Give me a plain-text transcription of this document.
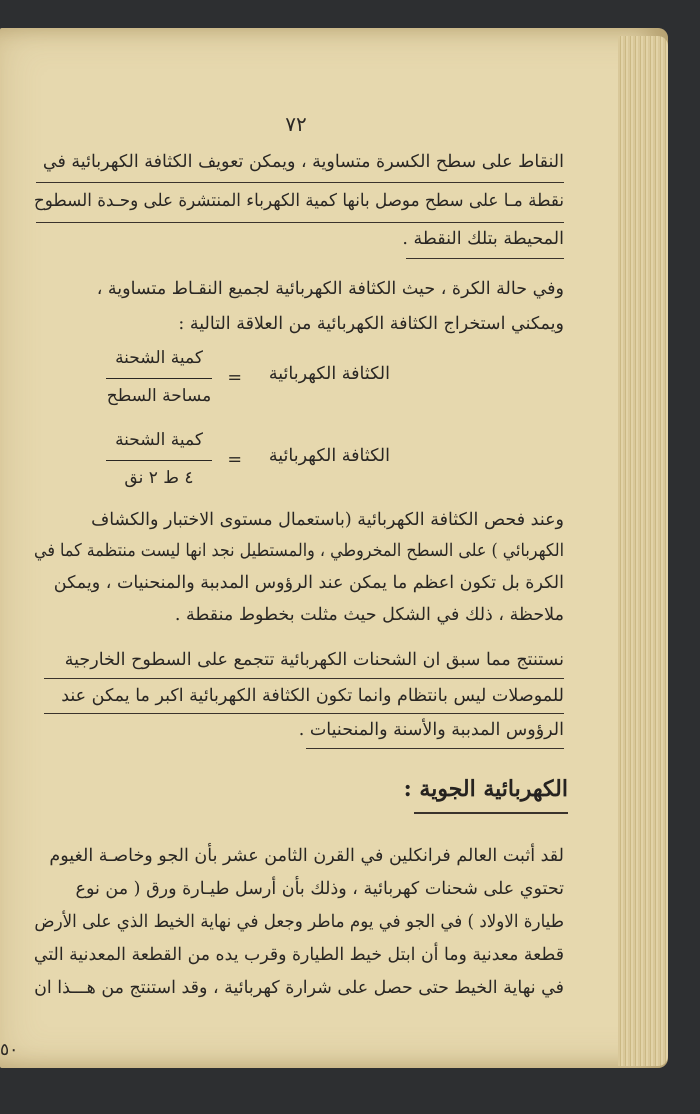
٧٢
النقاط على سطح الكسرة متساوية ، ويمكن تعويف الكثافة الكهربائية في
نقطة مـا على سطح موصل بانها كمية الكهرباء المنتشرة على وحـدة السطوح
المحيطة بتلك النقطة .
وفي حالة الكرة ، حيث الكثافة الكهربائية لجميع النقـاط متساوية ،
ويمكني استخراج الكثافة الكهربائية من العلاقة التالية :
الكثافة الكهربائية
=
كمية الشحنة
مساحة السطح
الكثافة الكهربائية
=
كمية الشحنة
٤ ط ٢ نق
وعند فحص الكثافة الكهربائية (باستعمال مستوى الاختبار والكشاف
الكهربائي ) على السطح المخروطي ، والمستطيل نجد انها ليست منتظمة كما في
الكرة بل تكون اعظم ما يمكن عند الرؤوس المدببة والمنحنيات ، ويمكن
ملاحظة ، ذلك في الشكل حيث مثلت بخطوط منقطة .
نستنتج مما سبق ان الشحنات الكهربائية تتجمع على السطوح الخارجية
للموصلات ليس بانتظام وانما تكون الكثافة الكهربائية اكبر ما يمكن عند
الرؤوس المدببة والأسنة والمنحنيات .
الكهربائية الجوية :
لقد أثبت العالم فرانكلين في القرن الثامن عشر بأن الجو وخاصـة الغيوم
تحتوي على شحنات كهربائية ، وذلك بأن أرسل طيـارة ورق ( من نوع
طيارة الاولاد ) في الجو في يوم ماطر وجعل في نهاية الخيط الذي على الأرض
قطعة معدنية وما أن ابتل خيط الطيارة وقرب يده من القطعة المعدنية التي
في نهاية الخيط حتى حصل على شرارة كهربائية ، وقد استنتج من هـــذا ان
٥٠
